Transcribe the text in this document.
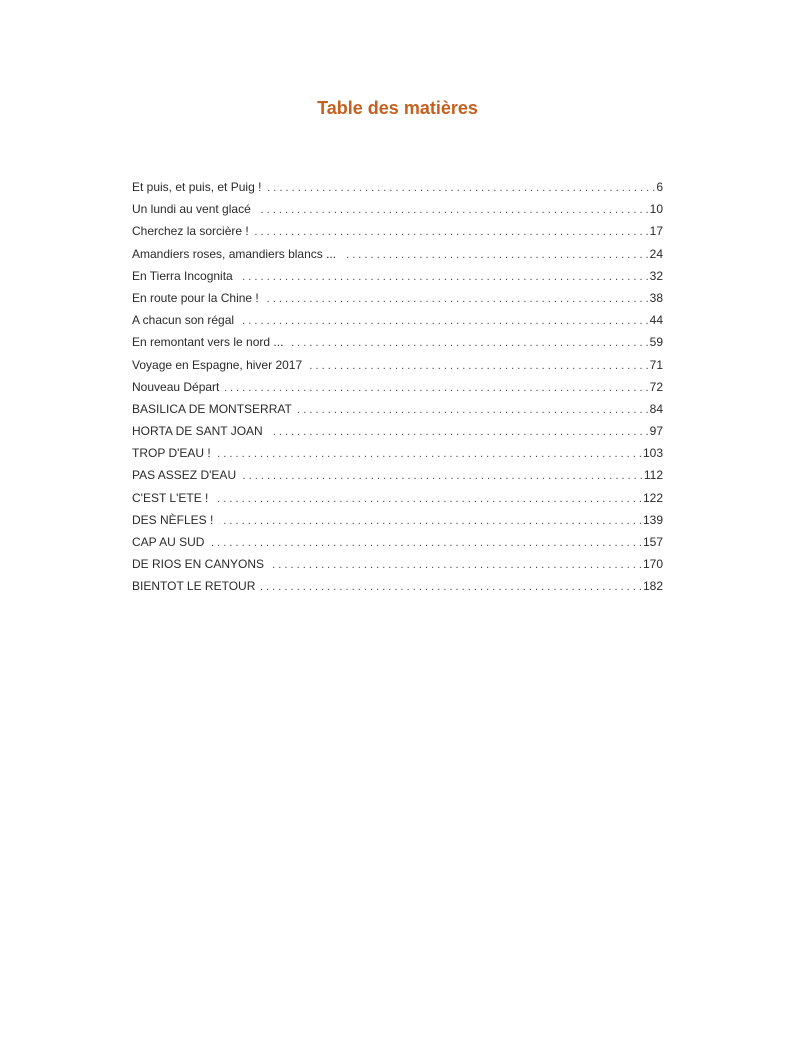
Table des matières
Et puis, et puis, et Puig ! . . .	6
Un lundi au vent glacé . . .	10
Cherchez la sorcière ! . . .	17
Amandiers roses, amandiers blancs ... . . .	24
En Tierra Incognita . . .	32
En route pour la Chine ! . . .	38
A chacun son régal . . .	44
En remontant vers le nord ... . . .	59
Voyage en Espagne, hiver 2017 . . .	71
Nouveau Départ . . .	72
BASILICA DE MONTSERRAT . . .	84
HORTA DE SANT JOAN . . .	97
TROP D'EAU ! . . .	103
PAS ASSEZ D'EAU . . .	112
C'EST L'ETE ! . . .	122
DES NÈFLES ! . . .	139
CAP AU SUD . . .	157
DE RIOS EN CANYONS . . .	170
BIENTOT LE RETOUR . . .	182
